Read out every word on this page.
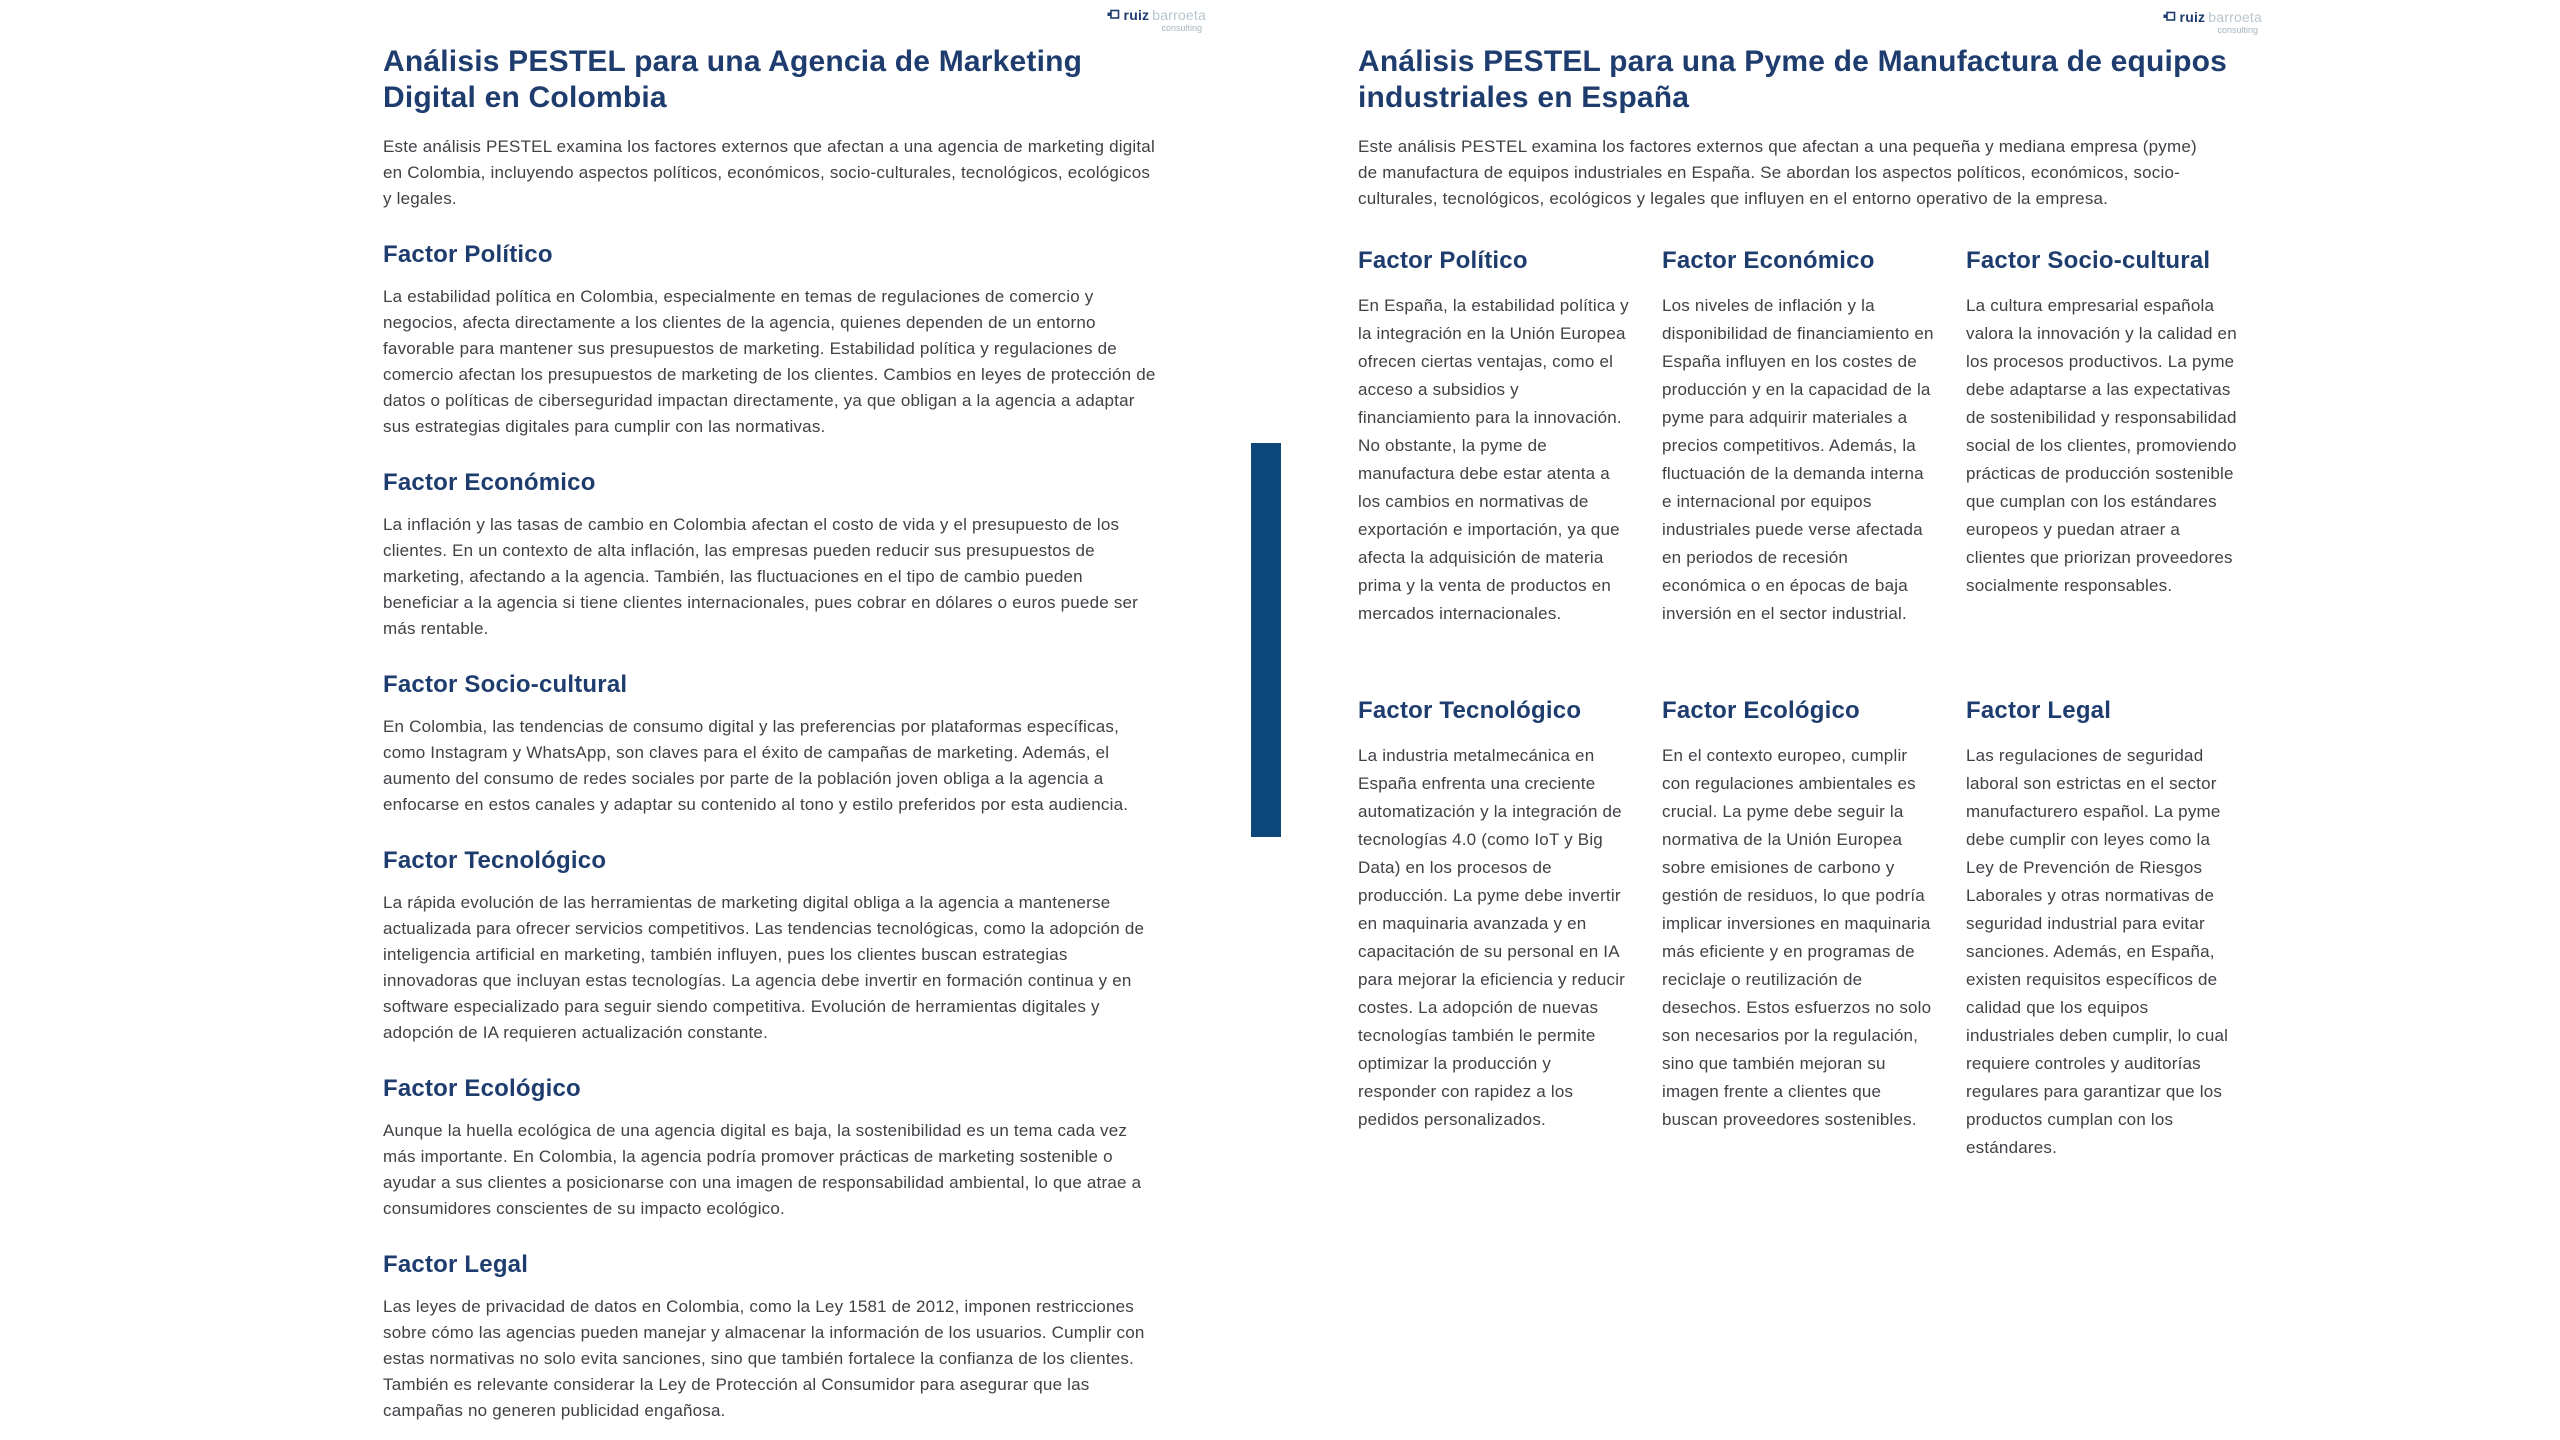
ruiz barroeta
consulting
ruiz barroeta
consulting
Análisis PESTEL para una Agencia de Marketing Digital en Colombia

Este análisis PESTEL examina los factores externos que afectan a una agencia de marketing digital en Colombia, incluyendo aspectos políticos, económicos, socio-culturales, tecnológicos, ecológicos y legales.

Factor Político

La estabilidad política en Colombia, especialmente en temas de regulaciones de comercio y negocios, afecta directamente a los clientes de la agencia, quienes dependen de un entorno favorable para mantener sus presupuestos de marketing. Estabilidad política y regulaciones de comercio afectan los presupuestos de marketing de los clientes. Cambios en leyes de protección de datos o políticas de ciberseguridad impactan directamente, ya que obligan a la agencia a adaptar sus estrategias digitales para cumplir con las normativas.

Factor Económico

La inflación y las tasas de cambio en Colombia afectan el costo de vida y el presupuesto de los clientes. En un contexto de alta inflación, las empresas pueden reducir sus presupuestos de marketing, afectando a la agencia. También, las fluctuaciones en el tipo de cambio pueden beneficiar a la agencia si tiene clientes internacionales, pues cobrar en dólares o euros puede ser más rentable.

Factor Socio-cultural

En Colombia, las tendencias de consumo digital y las preferencias por plataformas específicas, como Instagram y WhatsApp, son claves para el éxito de campañas de marketing. Además, el aumento del consumo de redes sociales por parte de la población joven obliga a la agencia a enfocarse en estos canales y adaptar su contenido al tono y estilo preferidos por esta audiencia.

Factor Tecnológico

La rápida evolución de las herramientas de marketing digital obliga a la agencia a mantenerse actualizada para ofrecer servicios competitivos. Las tendencias tecnológicas, como la adopción de inteligencia artificial en marketing, también influyen, pues los clientes buscan estrategias innovadoras que incluyan estas tecnologías. La agencia debe invertir en formación continua y en software especializado para seguir siendo competitiva. Evolución de herramientas digitales y adopción de IA requieren actualización constante.

Factor Ecológico

Aunque la huella ecológica de una agencia digital es baja, la sostenibilidad es un tema cada vez más importante. En Colombia, la agencia podría promover prácticas de marketing sostenible o ayudar a sus clientes a posicionarse con una imagen de responsabilidad ambiental, lo que atrae a consumidores conscientes de su impacto ecológico.

Factor Legal

Las leyes de privacidad de datos en Colombia, como la Ley 1581 de 2012, imponen restricciones sobre cómo las agencias pueden manejar y almacenar la información de los usuarios. Cumplir con estas normativas no solo evita sanciones, sino que también fortalece la confianza de los clientes. También es relevante considerar la Ley de Protección al Consumidor para asegurar que las campañas no generen publicidad engañosa.

Análisis PESTEL para una Pyme de Manufactura de equipos industriales en España

Este análisis PESTEL examina los factores externos que afectan a una pequeña y mediana empresa (pyme) de manufactura de equipos industriales en España. Se abordan los aspectos políticos, económicos, socio-culturales, tecnológicos, ecológicos y legales que influyen en el entorno operativo de la empresa.

Factor Político

En España, la estabilidad política y la integración en la Unión Europea ofrecen ciertas ventajas, como el acceso a subsidios y financiamiento para la innovación. No obstante, la pyme de manufactura debe estar atenta a los cambios en normativas de exportación e importación, ya que afecta la adquisición de materia prima y la venta de productos en mercados internacionales.

Factor Económico

Los niveles de inflación y la disponibilidad de financiamiento en España influyen en los costes de producción y en la capacidad de la pyme para adquirir materiales a precios competitivos. Además, la fluctuación de la demanda interna e internacional por equipos industriales puede verse afectada en periodos de recesión económica o en épocas de baja inversión en el sector industrial.

Factor Socio-cultural

La cultura empresarial española valora la innovación y la calidad en los procesos productivos. La pyme debe adaptarse a las expectativas de sostenibilidad y responsabilidad social de los clientes, promoviendo prácticas de producción sostenible que cumplan con los estándares europeos y puedan atraer a clientes que priorizan proveedores socialmente responsables.

Factor Tecnológico

La industria metalmecánica en España enfrenta una creciente automatización y la integración de tecnologías 4.0 (como IoT y Big Data) en los procesos de producción. La pyme debe invertir en maquinaria avanzada y en capacitación de su personal en IA para mejorar la eficiencia y reducir costes. La adopción de nuevas tecnologías también le permite optimizar la producción y responder con rapidez a los pedidos personalizados.

Factor Ecológico

En el contexto europeo, cumplir con regulaciones ambientales es crucial. La pyme debe seguir la normativa de la Unión Europea sobre emisiones de carbono y gestión de residuos, lo que podría implicar inversiones en maquinaria más eficiente y en programas de reciclaje o reutilización de desechos. Estos esfuerzos no solo son necesarios por la regulación, sino que también mejoran su imagen frente a clientes que buscan proveedores sostenibles.

Factor Legal

Las regulaciones de seguridad laboral son estrictas en el sector manufacturero español. La pyme debe cumplir con leyes como la Ley de Prevención de Riesgos Laborales y otras normativas de seguridad industrial para evitar sanciones. Además, en España, existen requisitos específicos de calidad que los equipos industriales deben cumplir, lo cual requiere controles y auditorías regulares para garantizar que los productos cumplan con los estándares.
